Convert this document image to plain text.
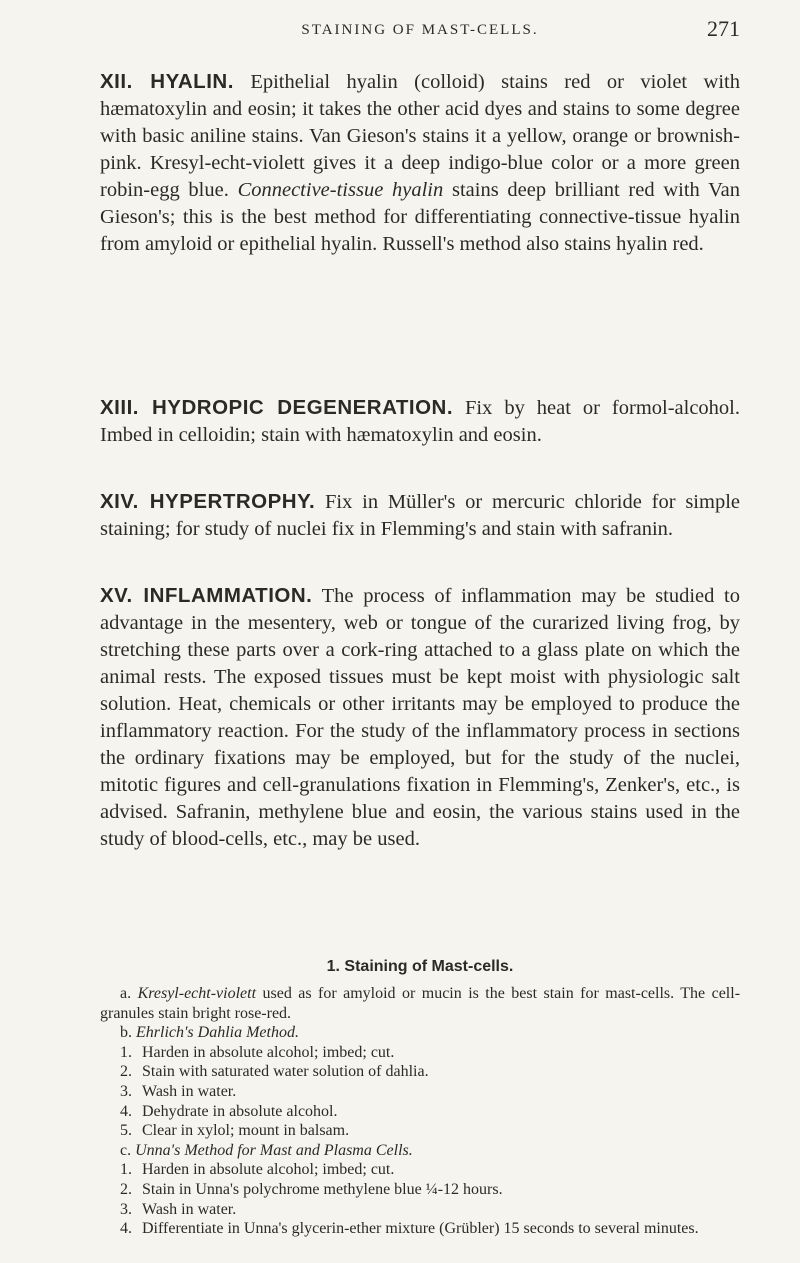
STAINING OF MAST-CELLS.	271

XII. HYALIN. Epithelial hyalin (colloid) stains red or violet with hæmatoxylin and eosin; it takes the other acid dyes and stains to some degree with basic aniline stains. Van Gieson's stains it a yellow, orange or brownish-pink. Kresyl-echt-violett gives it a deep indigo-blue color or a more green robin-egg blue. Connective-tissue hyalin stains deep brilliant red with Van Gieson's; this is the best method for differentiating connective-tissue hyalin from amyloid or epithelial hyalin. Russell's method also stains hyalin red.

XIII. HYDROPIC DEGENERATION. Fix by heat or formol-alcohol. Imbed in celloidin; stain with hæmatoxylin and eosin.

XIV. HYPERTROPHY. Fix in Müller's or mercuric chloride for simple staining; for study of nuclei fix in Flemming's and stain with safranin.

XV. INFLAMMATION. The process of inflammation may be studied to advantage in the mesentery, web or tongue of the curarized living frog, by stretching these parts over a cork-ring attached to a glass plate on which the animal rests. The exposed tissues must be kept moist with physiologic salt solution. Heat, chemicals or other irritants may be employed to produce the inflammatory reaction. For the study of the inflammatory process in sections the ordinary fixations may be employed, but for the study of the nuclei, mitotic figures and cell-granulations fixation in Flemming's, Zenker's, etc., is advised. Safranin, methylene blue and eosin, the various stains used in the study of blood-cells, etc., may be used.

1. Staining of Mast-cells.

a. Kresyl-echt-violett used as for amyloid or mucin is the best stain for mast-cells. The cell-granules stain bright rose-red.

b. Ehrlich's Dahlia Method.

1. Harden in absolute alcohol; imbed; cut.
2. Stain with saturated water solution of dahlia.
3. Wash in water.
4. Dehydrate in absolute alcohol.
5. Clear in xylol; mount in balsam.

c. Unna's Method for Mast and Plasma Cells.

1. Harden in absolute alcohol; imbed; cut.
2. Stain in Unna's polychrome methylene blue ¼-12 hours.
3. Wash in water.
4. Differentiate in Unna's glycerin-ether mixture (Grübler) 15 seconds to several minutes.
